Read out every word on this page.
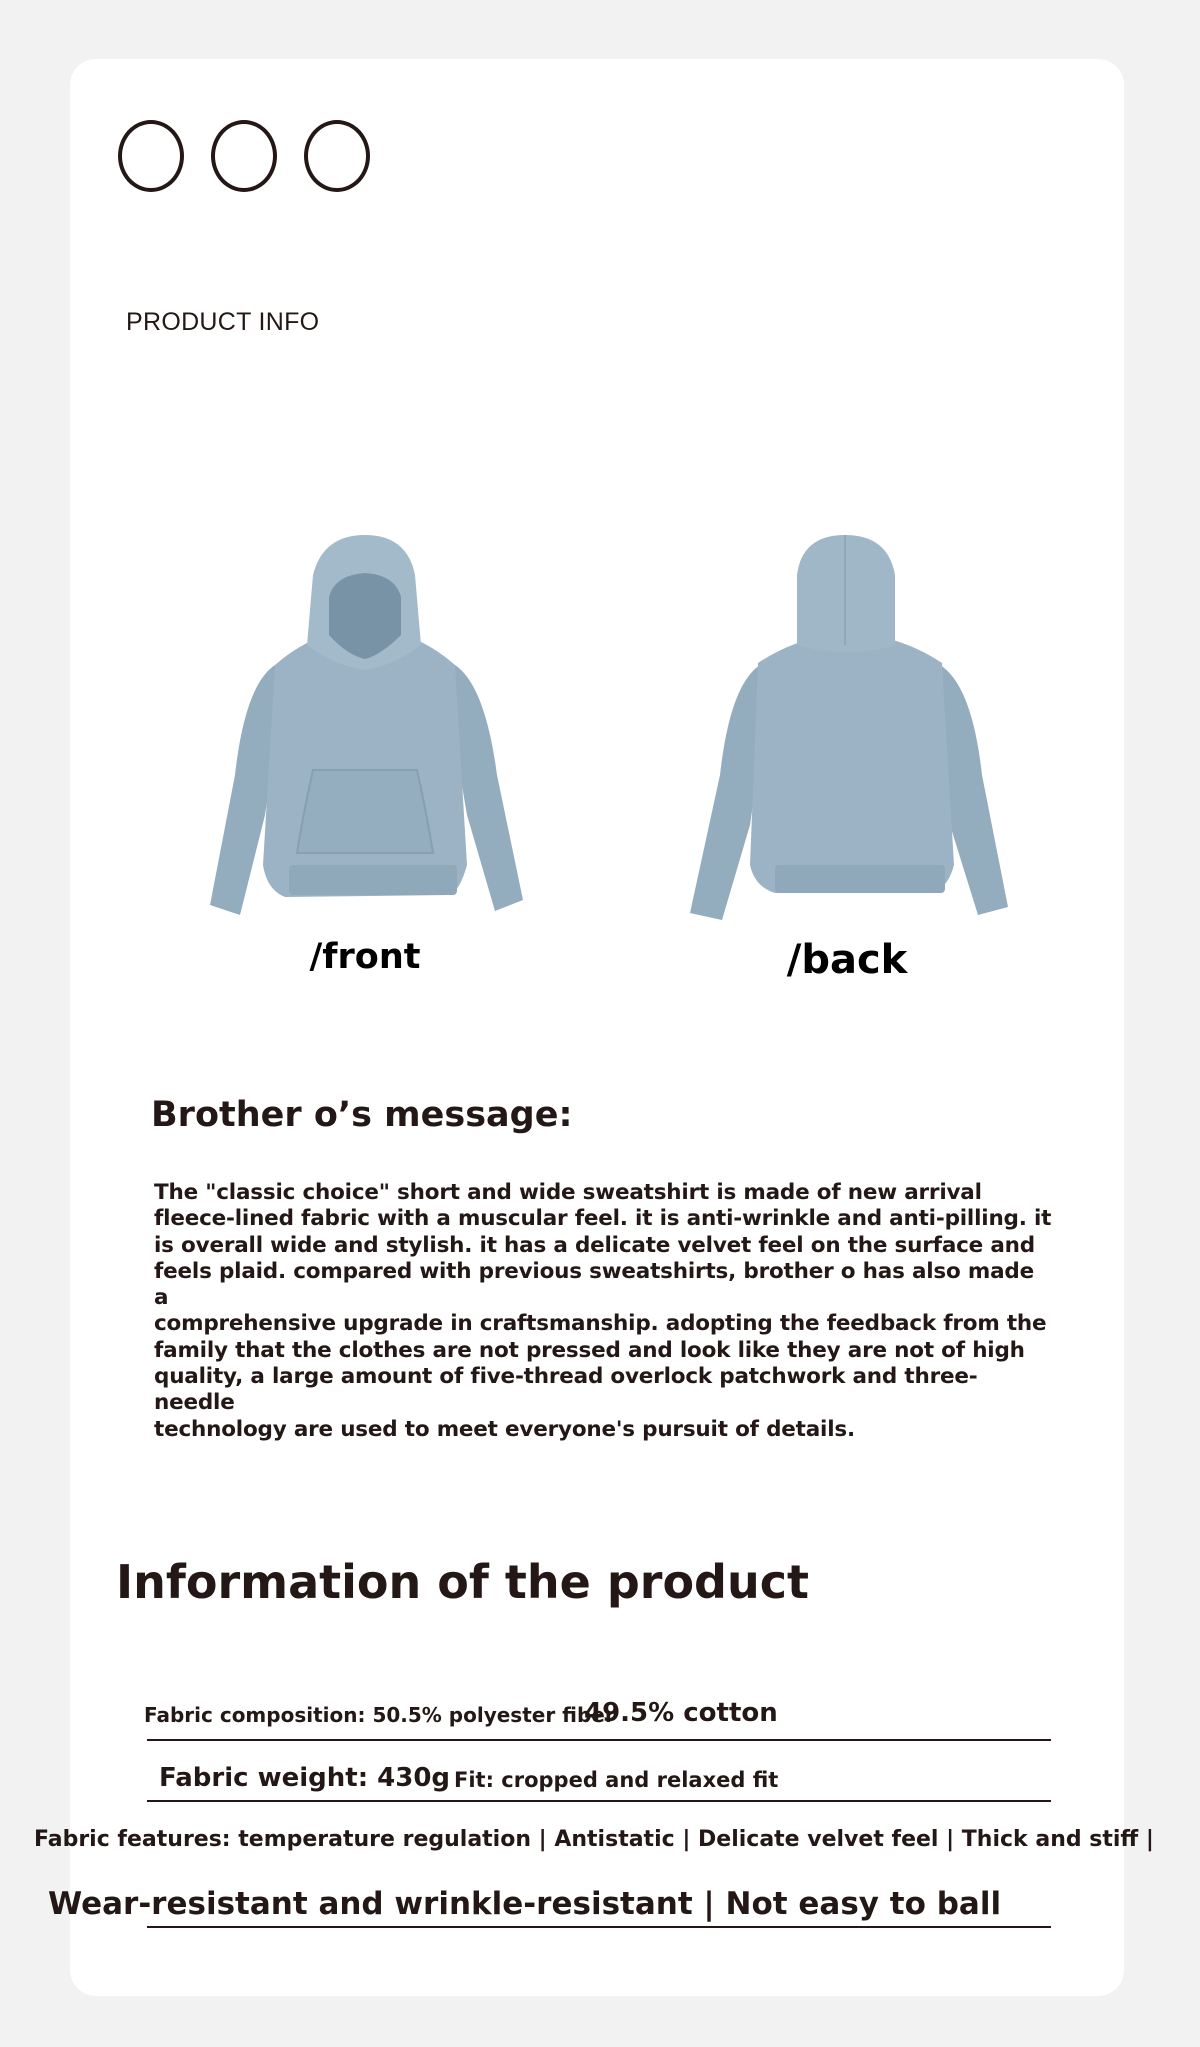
PRODUCT INFO
/front	/back
Brother o’s message:
The "classic choice" short and wide sweatshirt is made of new arrival
fleece-lined fabric with a muscular feel. it is anti-wrinkle and anti-pilling. it
is overall wide and stylish. it has a delicate velvet feel on the surface and
feels plaid. compared with previous sweatshirts, brother o has also made a
comprehensive upgrade in craftsmanship. adopting the feedback from the
family that the clothes are not pressed and look like they are not of high
quality, a large amount of five-thread overlock patchwork and three-needle
technology are used to meet everyone's pursuit of details.
Information of the product
Fabric composition: 50.5% polyester fiber
49.5% cotton
Fabric weight: 430g Fit: cropped and relaxed fit
Fabric features: temperature regulation | Antistatic | Delicate velvet feel | Thick and stiff |
Wear-resistant and wrinkle-resistant | Not easy to ball
